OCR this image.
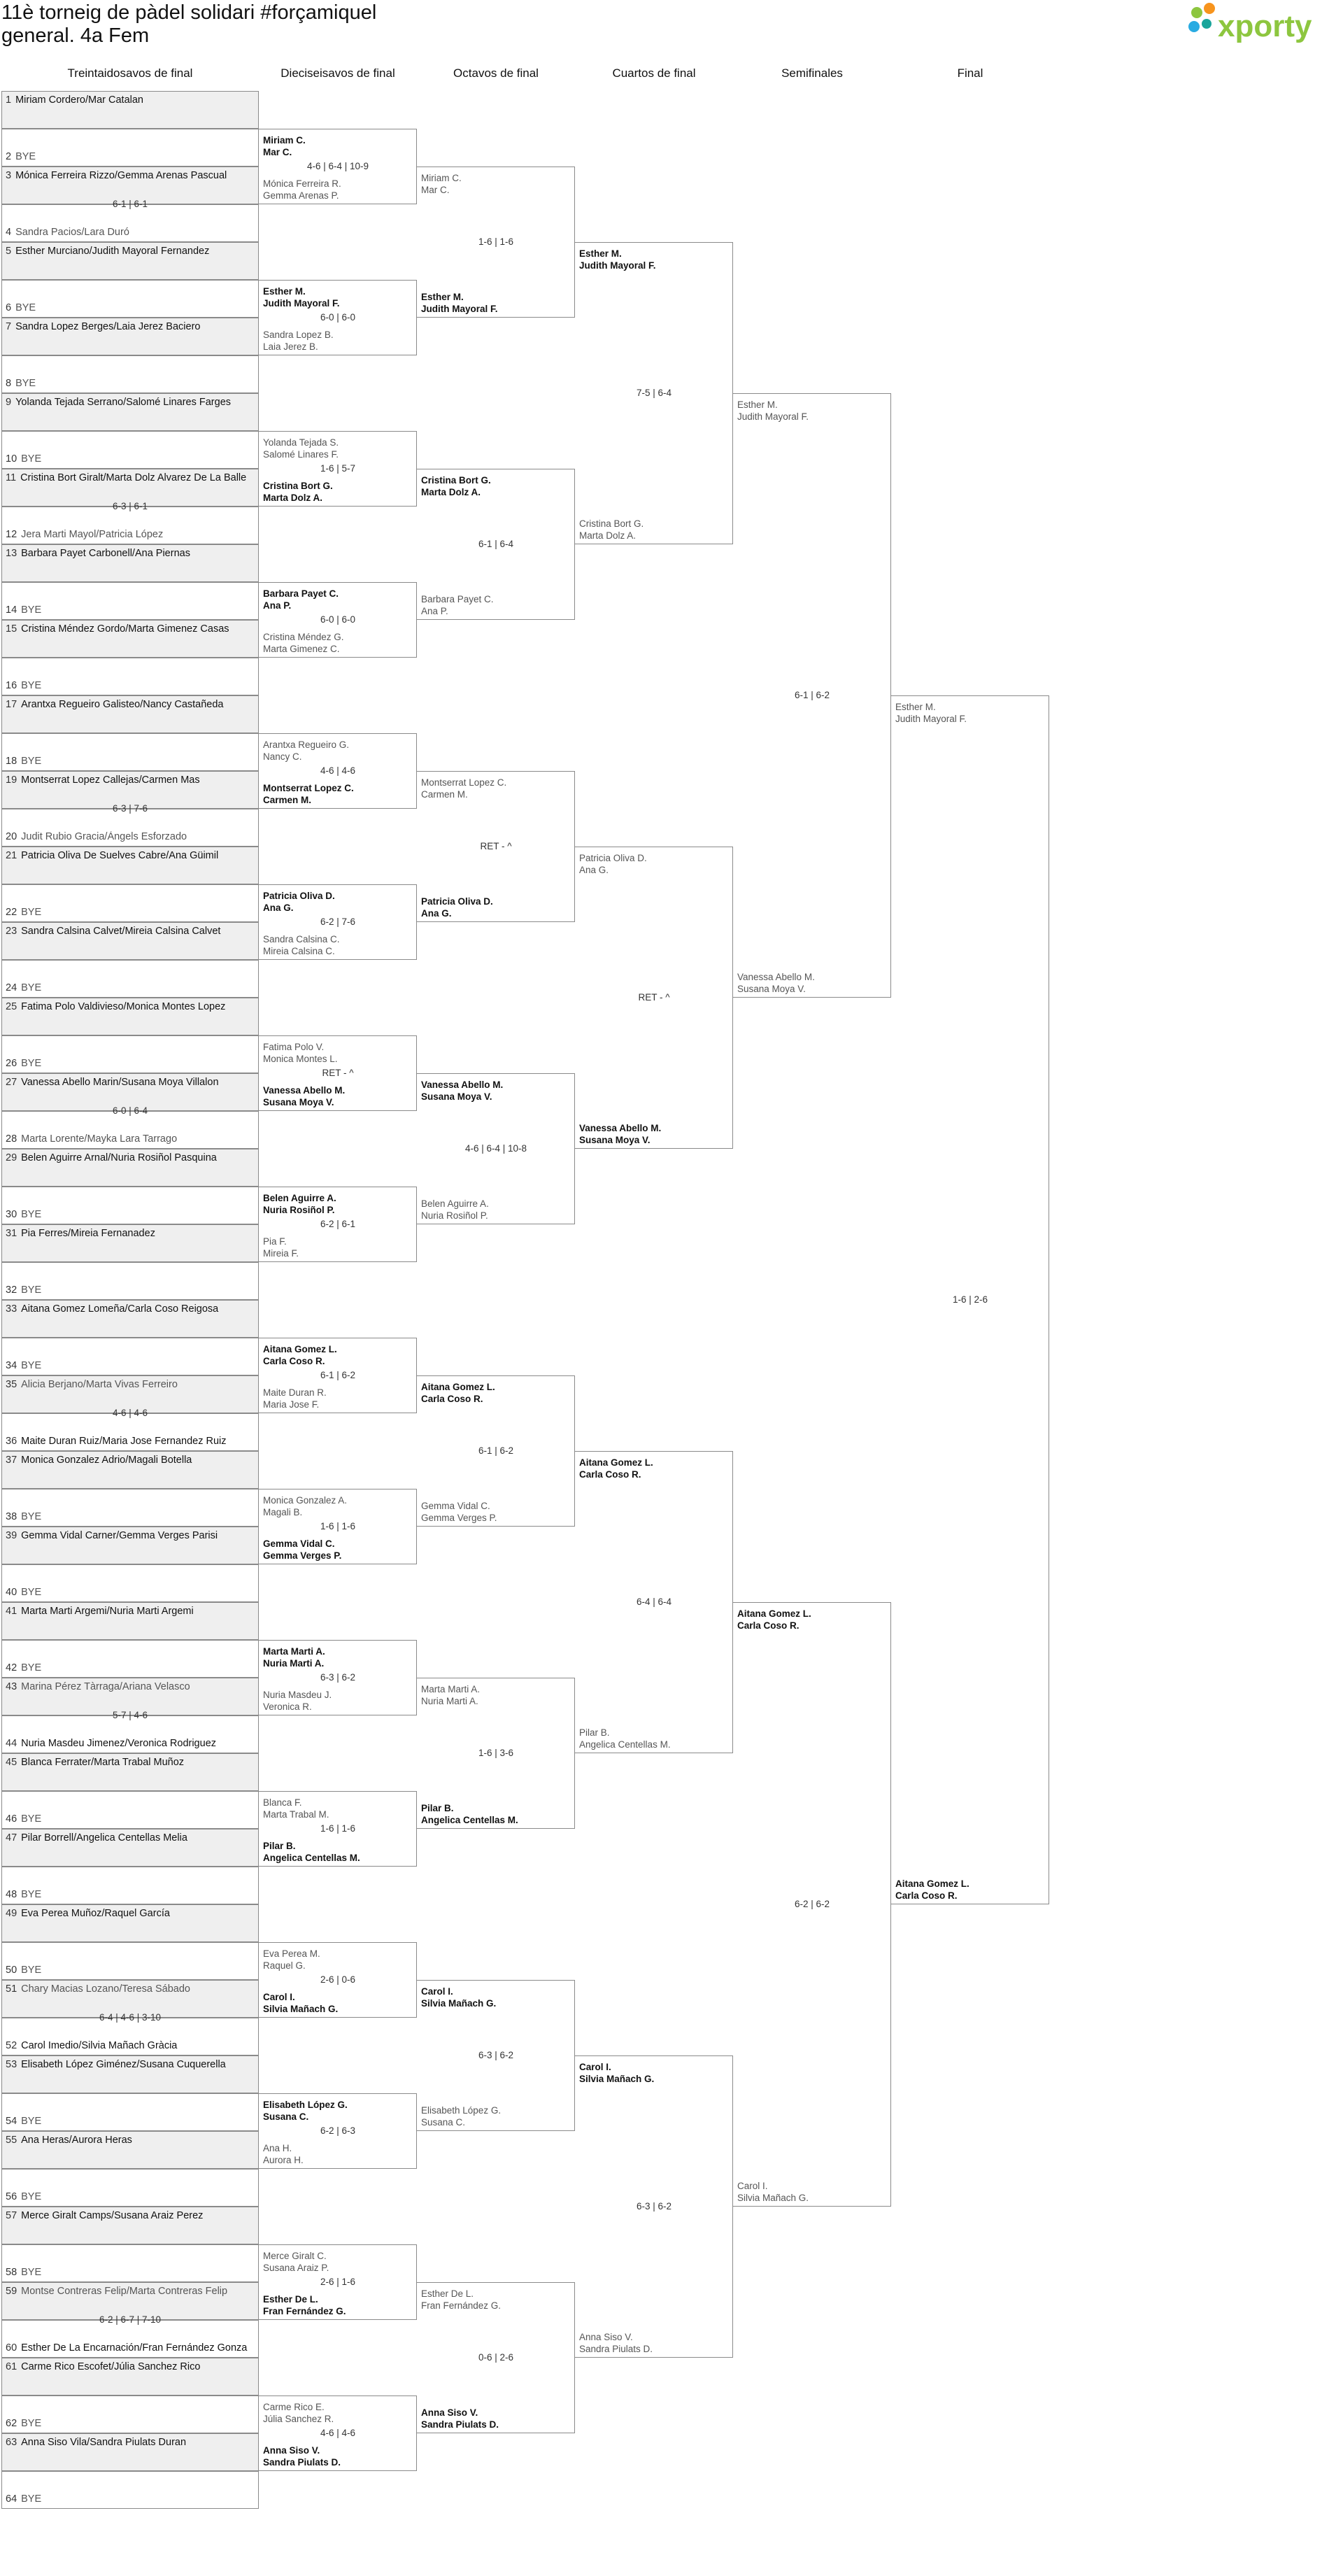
11è torneig de pàdel solidari #forçamiquel
general. 4a Fem	xporty
Treintaidosavos de final	Dieciseisavos de final	Octavos de final	Cuartos de final	Semifinales	Final
1 Miriam Cordero/Mar Catalan
2 BYE
3 Mónica Ferreira Rizzo/Gemma Arenas Pascual
4 Sandra Pacios/Lara Duró
6-1 | 6-1
5 Esther Murciano/Judith Mayoral Fernandez
6 BYE
7 Sandra Lopez Berges/Laia Jerez Baciero
8 BYE
9 Yolanda Tejada Serrano/Salomé Linares Farges
10 BYE
11 Cristina Bort Giralt/Marta Dolz Alvarez De La Balle
12 Jera Marti Mayol/Patricia López
6-3 | 6-1
13 Barbara Payet Carbonell/Ana Piernas
14 BYE
15 Cristina Méndez Gordo/Marta Gimenez Casas
16 BYE
17 Arantxa Regueiro Galisteo/Nancy Castañeda
18 BYE
19 Montserrat Lopez Callejas/Carmen Mas
20 Judit Rubio Gracia/Àngels Esforzado
6-3 | 7-6
21 Patricia Oliva De Suelves Cabre/Ana Güimil
22 BYE
23 Sandra Calsina Calvet/Mireia Calsina Calvet
24 BYE
25 Fatima Polo Valdivieso/Monica Montes Lopez
26 BYE
27 Vanessa Abello Marin/Susana Moya Villalon
28 Marta Lorente/Mayka Lara Tarrago
6-0 | 6-4
29 Belen Aguirre Arnal/Nuria Rosiñol Pasquina
30 BYE
31 Pia Ferres/Mireia Fernanadez
32 BYE
33 Aitana Gomez Lomeña/Carla Coso Reigosa
34 BYE
35 Alicia Berjano/Marta Vivas Ferreiro
36 Maite Duran Ruiz/Maria Jose Fernandez Ruiz
4-6 | 4-6
37 Monica Gonzalez Adrio/Magali Botella
38 BYE
39 Gemma Vidal Carner/Gemma Verges Parisi
40 BYE
41 Marta Marti Argemi/Nuria Marti Argemi
42 BYE
43 Marina Pérez Tàrraga/Ariana Velasco
44 Nuria Masdeu Jimenez/Veronica Rodriguez
5-7 | 4-6
45 Blanca Ferrater/Marta Trabal Muñoz
46 BYE
47 Pilar Borrell/Angelica Centellas Melia
48 BYE
49 Eva Perea Muñoz/Raquel García
50 BYE
51 Chary Macias Lozano/Teresa Sábado
52 Carol Imedio/Silvia Mañach Gràcia
6-4 | 4-6 | 3-10
53 Elisabeth López Giménez/Susana Cuquerella
54 BYE
55 Ana Heras/Aurora Heras
56 BYE
57 Merce Giralt Camps/Susana Araiz Perez
58 BYE
59 Montse Contreras Felip/Marta Contreras Felip
60 Esther De La Encarnación/Fran Fernández Gonza
6-2 | 6-7 | 7-10
61 Carme Rico Escofet/Júlia Sanchez Rico
62 BYE
63 Anna Siso Vila/Sandra Piulats Duran
64 BYE
Miriam C.
Mar C.
Mónica Ferreira R.
Gemma Arenas P.
4-6 | 6-4 | 10-9
Esther M.
Judith Mayoral F.
Sandra Lopez B.
Laia Jerez B.
6-0 | 6-0
Yolanda Tejada S.
Salomé Linares F.
Cristina Bort G.
Marta Dolz A.
1-6 | 5-7
Barbara Payet C.
Ana P.
Cristina Méndez G.
Marta Gimenez C.
6-0 | 6-0
Arantxa Regueiro G.
Nancy C.
Montserrat Lopez C.
Carmen M.
4-6 | 4-6
Patricia Oliva D.
Ana G.
Sandra Calsina C.
Mireia Calsina C.
6-2 | 7-6
Fatima Polo V.
Monica Montes L.
Vanessa Abello M.
Susana Moya V.
RET - ^
Belen Aguirre A.
Nuria Rosiñol P.
Pia F.
Mireia F.
6-2 | 6-1
Aitana Gomez L.
Carla Coso R.
Maite Duran R.
Maria Jose F.
6-1 | 6-2
Monica Gonzalez A.
Magali B.
Gemma Vidal C.
Gemma Verges P.
1-6 | 1-6
Marta Marti A.
Nuria Marti A.
Nuria Masdeu J.
Veronica R.
6-3 | 6-2
Blanca F.
Marta Trabal M.
Pilar B.
Angelica Centellas M.
1-6 | 1-6
Eva Perea M.
Raquel G.
Carol I.
Silvia Mañach G.
2-6 | 0-6
Elisabeth López G.
Susana C.
Ana H.
Aurora H.
6-2 | 6-3
Merce Giralt C.
Susana Araiz P.
Esther De L.
Fran Fernández G.
2-6 | 1-6
Carme Rico E.
Júlia Sanchez R.
Anna Siso V.
Sandra Piulats D.
4-6 | 4-6
Miriam C.
Mar C.
Esther M.
Judith Mayoral F.
1-6 | 1-6
Cristina Bort G.
Marta Dolz A.
Barbara Payet C.
Ana P.
6-1 | 6-4
Montserrat Lopez C.
Carmen M.
Patricia Oliva D.
Ana G.
RET - ^
Vanessa Abello M.
Susana Moya V.
Belen Aguirre A.
Nuria Rosiñol P.
4-6 | 6-4 | 10-8
Aitana Gomez L.
Carla Coso R.
Gemma Vidal C.
Gemma Verges P.
6-1 | 6-2
Marta Marti A.
Nuria Marti A.
Pilar B.
Angelica Centellas M.
1-6 | 3-6
Carol I.
Silvia Mañach G.
Elisabeth López G.
Susana C.
6-3 | 6-2
Esther De L.
Fran Fernández G.
Anna Siso V.
Sandra Piulats D.
0-6 | 2-6
Esther M.
Judith Mayoral F.
Cristina Bort G.
Marta Dolz A.
7-5 | 6-4
Patricia Oliva D.
Ana G.
Vanessa Abello M.
Susana Moya V.
RET - ^
Aitana Gomez L.
Carla Coso R.
Pilar B.
Angelica Centellas M.
6-4 | 6-4
Carol I.
Silvia Mañach G.
Anna Siso V.
Sandra Piulats D.
6-3 | 6-2
Esther M.
Judith Mayoral F.
Vanessa Abello M.
Susana Moya V.
6-1 | 6-2
Aitana Gomez L.
Carla Coso R.
Carol I.
Silvia Mañach G.
6-2 | 6-2
Esther M.
Judith Mayoral F.
Aitana Gomez L.
Carla Coso R.
1-6 | 2-6
